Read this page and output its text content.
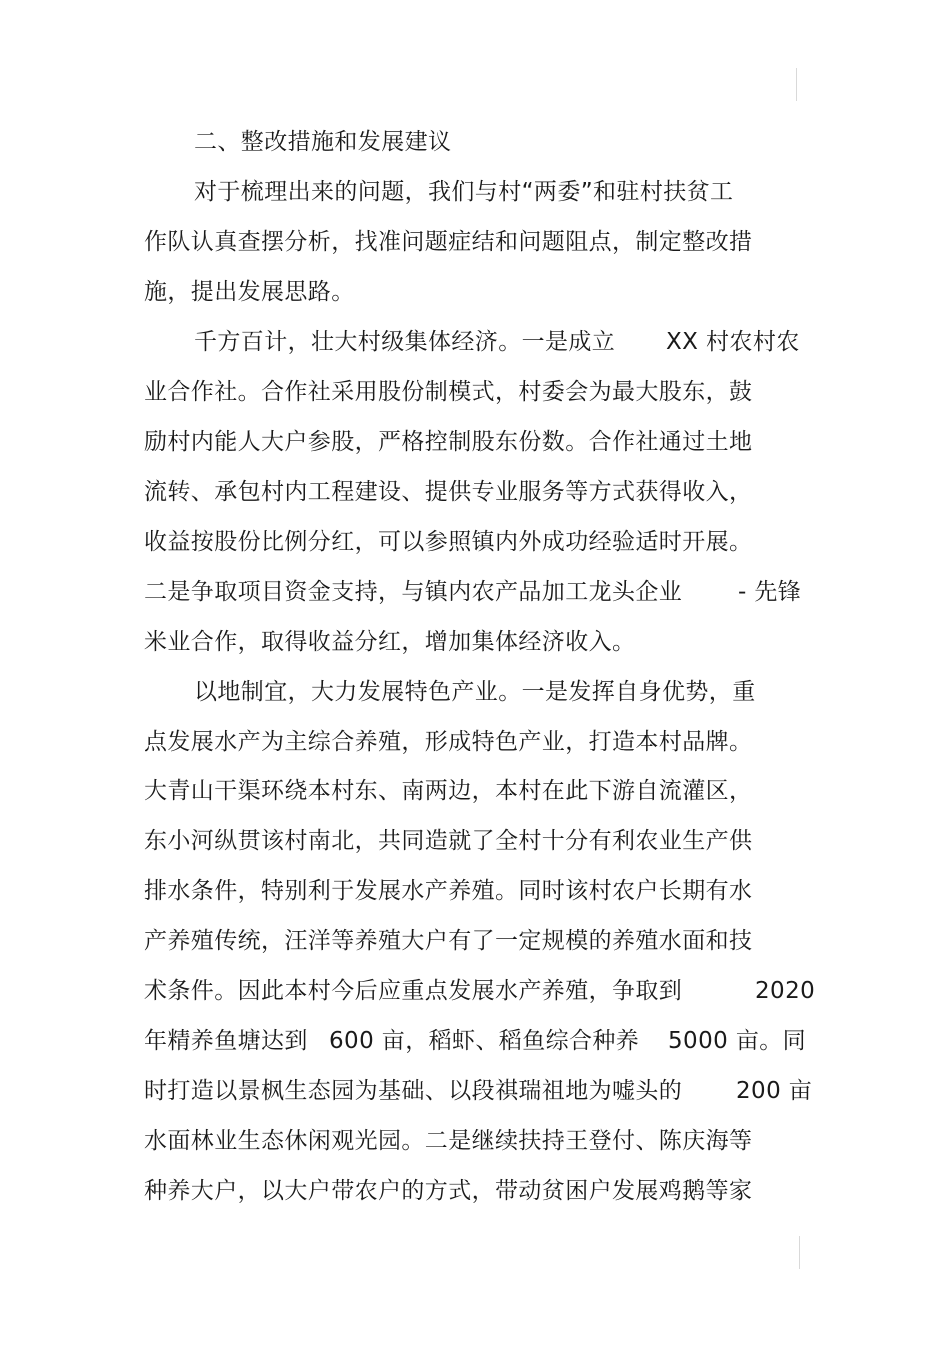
二、整改措施和发展建议
对于梳理出来的问题，我们与村“两委”和驻村扶贫工
作队认真查摆分析，找准问题症结和问题阻点，制定整改措
施，提出发展思路。
千方百计，壮大村级集体经济。一是成立 XX 村农村农
业合作社。合作社采用股份制模式，村委会为最大股东，鼓
励村内能人大户参股，严格控制股东份数。合作社通过土地
流转、承包村内工程建设、提供专业服务等方式获得收入，
收益按股份比例分红，可以参照镇内外成功经验适时开展。
二是争取项目资金支持，与镇内农产品加工龙头企业 - 先锋
米业合作，取得收益分红，增加集体经济收入。
以地制宜，大力发展特色产业。一是发挥自身优势，重
点发展水产为主综合养殖，形成特色产业，打造本村品牌。
大青山干渠环绕本村东、南两边，本村在此下游自流灌区，
东小河纵贯该村南北，共同造就了全村十分有利农业生产供
排水条件，特别利于发展水产养殖。同时该村农户长期有水
产养殖传统，汪洋等养殖大户有了一定规模的养殖水面和技
术条件。因此本村今后应重点发展水产养殖，争取到	2020
年精养鱼塘达到 600 亩，稻虾、稻鱼综合种养 5000 亩。同
时打造以景枫生态园为基础、以段祺瑞祖地为嘘头的 200 亩
水面林业生态休闲观光园。二是继续扶持王登付、陈庆海等
种养大户，以大户带农户的方式，带动贫困户发展鸡鹅等家
